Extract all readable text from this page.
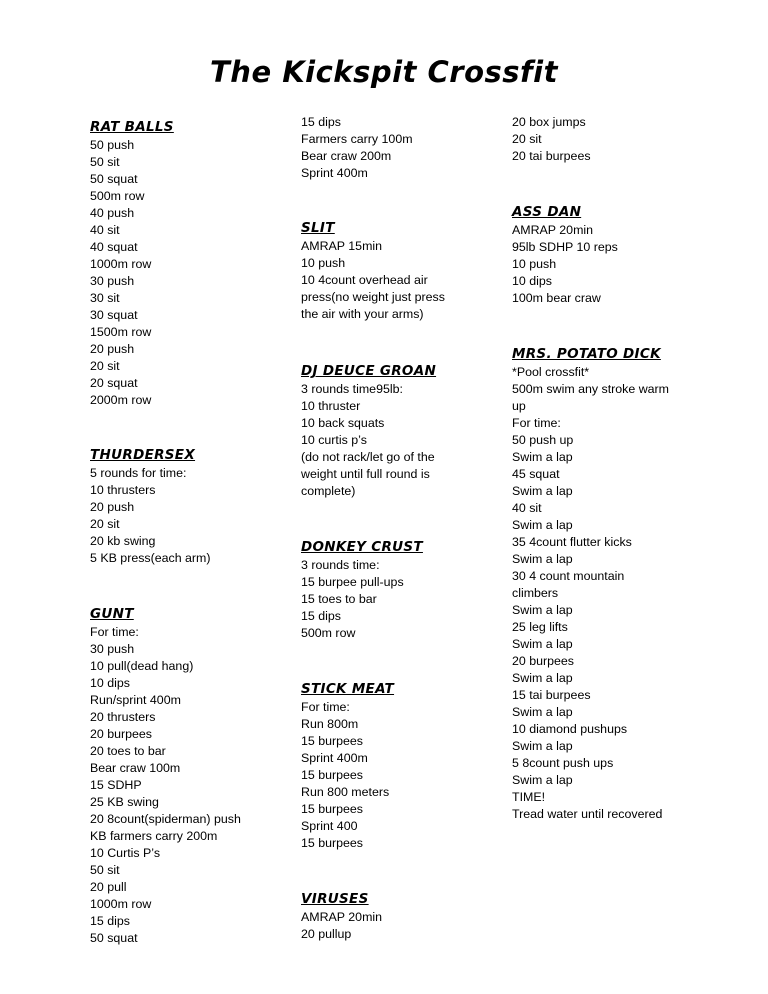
The Kickspit Crossfit
RAT BALLS
50 push
50 sit
50 squat
500m row
40 push
40 sit
40 squat
1000m row
30 push
30 sit
30 squat
1500m row
20 push
20 sit
20 squat
2000m row
THURDERSEX
5 rounds for time:
10 thrusters
20 push
20 sit
20 kb swing
5 KB press(each arm)
GUNT
For time:
30 push
10 pull(dead hang)
10 dips
Run/sprint 400m
20 thrusters
20 burpees
20 toes to bar
Bear craw 100m
15 SDHP
25 KB swing
20 8count(spiderman) push
KB farmers carry 200m
10 Curtis P’s
50 sit
20 pull
1000m row
15 dips
50 squat
15 dips
Farmers carry 100m
Bear craw 200m
Sprint 400m
SLIT
AMRAP 15min
10 push
10 4count overhead air
press(no weight just press
the air with your arms)
DJ DEUCE GROAN
3 rounds time95lb:
10 thruster
10 back squats
10 curtis p’s
(do not rack/let go of the
weight until full round is
complete)
DONKEY CRUST
3 rounds time:
15 burpee pull-ups
15 toes to bar
15 dips
500m row
STICK MEAT
For time:
Run 800m
15 burpees
Sprint 400m
15 burpees
Run 800 meters
15 burpees
Sprint 400
15 burpees
VIRUSES
AMRAP 20min
20 pullup
20 box jumps
20 sit
20 tai burpees
ASS DAN
AMRAP 20min
95lb SDHP 10 reps
10 push
10 dips
100m bear craw
MRS. POTATO DICK
*Pool crossfit*
500m swim any stroke warm
up
For time:
50 push up
Swim a lap
45 squat
Swim a lap
40 sit
Swim a lap
35 4count flutter kicks
Swim a lap
30 4 count mountain
climbers
Swim a lap
25 leg lifts
Swim a lap
20 burpees
Swim a lap
15 tai burpees
Swim a lap
10 diamond pushups
Swim a lap
5 8count push ups
Swim a lap
TIME!
Tread water until recovered
